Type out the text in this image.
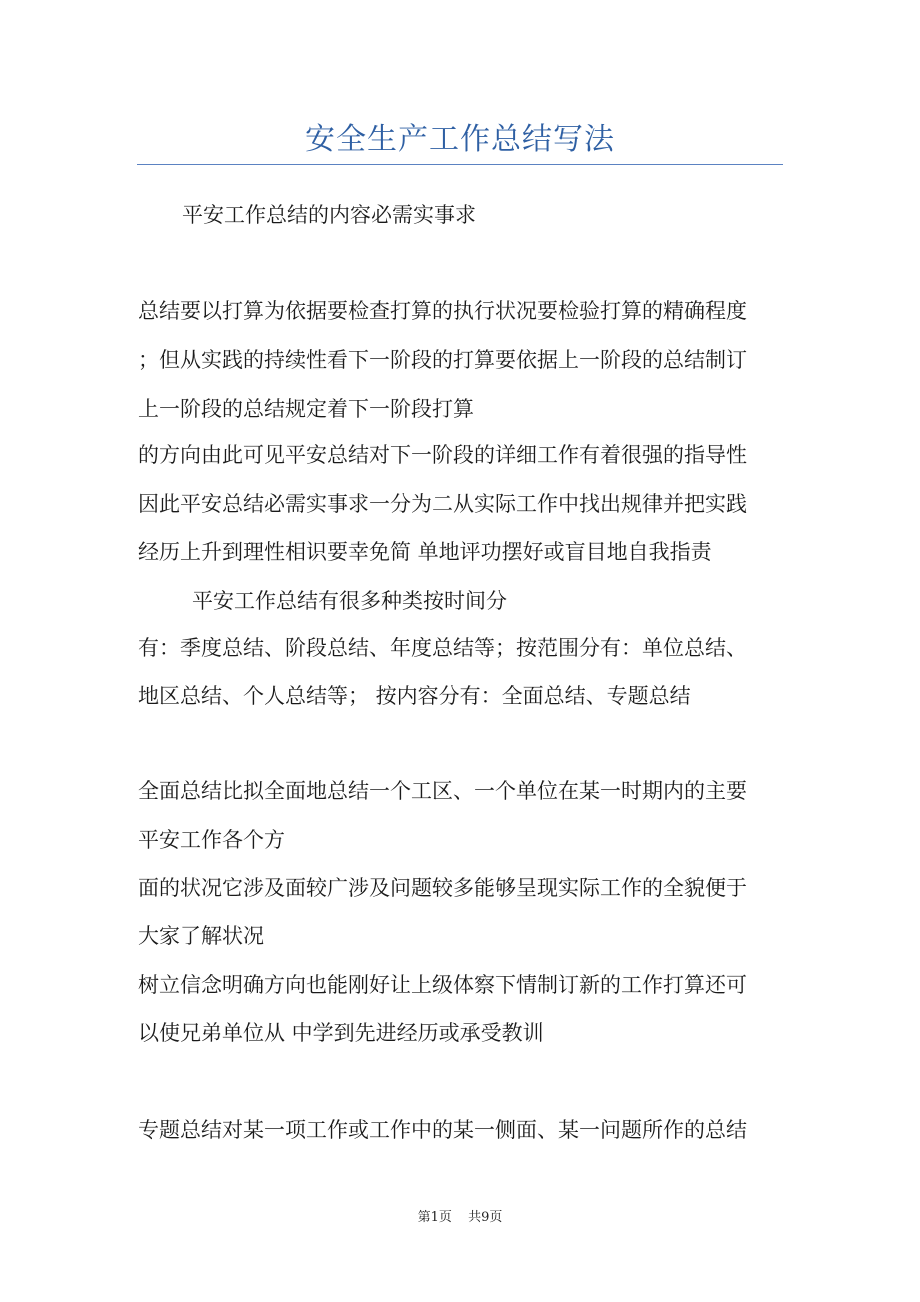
安全生产工作总结写法

平安工作总结的内容必需实事求

总结要以打算为依据要检查打算的执行状况要检验打算的精确程度

；但从实践的持续性看下一阶段的打算要依据上一阶段的总结制订

上一阶段的总结规定着下一阶段打算

的方向由此可见平安总结对下一阶段的详细工作有着很强的指导性

因此平安总结必需实事求一分为二从实际工作中找出规律并把实践

经历上升到理性相识要幸免简 单地评功摆好或盲目地自我指责

平安工作总结有很多种类按时间分

有：季度总结、阶段总结、年度总结等；按范围分有：单位总结、

地区总结、个人总结等； 按内容分有：全面总结、专题总结

全面总结比拟全面地总结一个工区、一个单位在某一时期内的主要

平安工作各个方

面的状况它涉及面较广涉及问题较多能够呈现实际工作的全貌便于

大家了解状况

树立信念明确方向也能刚好让上级体察下情制订新的工作打算还可

以使兄弟单位从 中学到先进经历或承受教训

专题总结对某一项工作或工作中的某一侧面、某一问题所作的总结

第1页 共9页
